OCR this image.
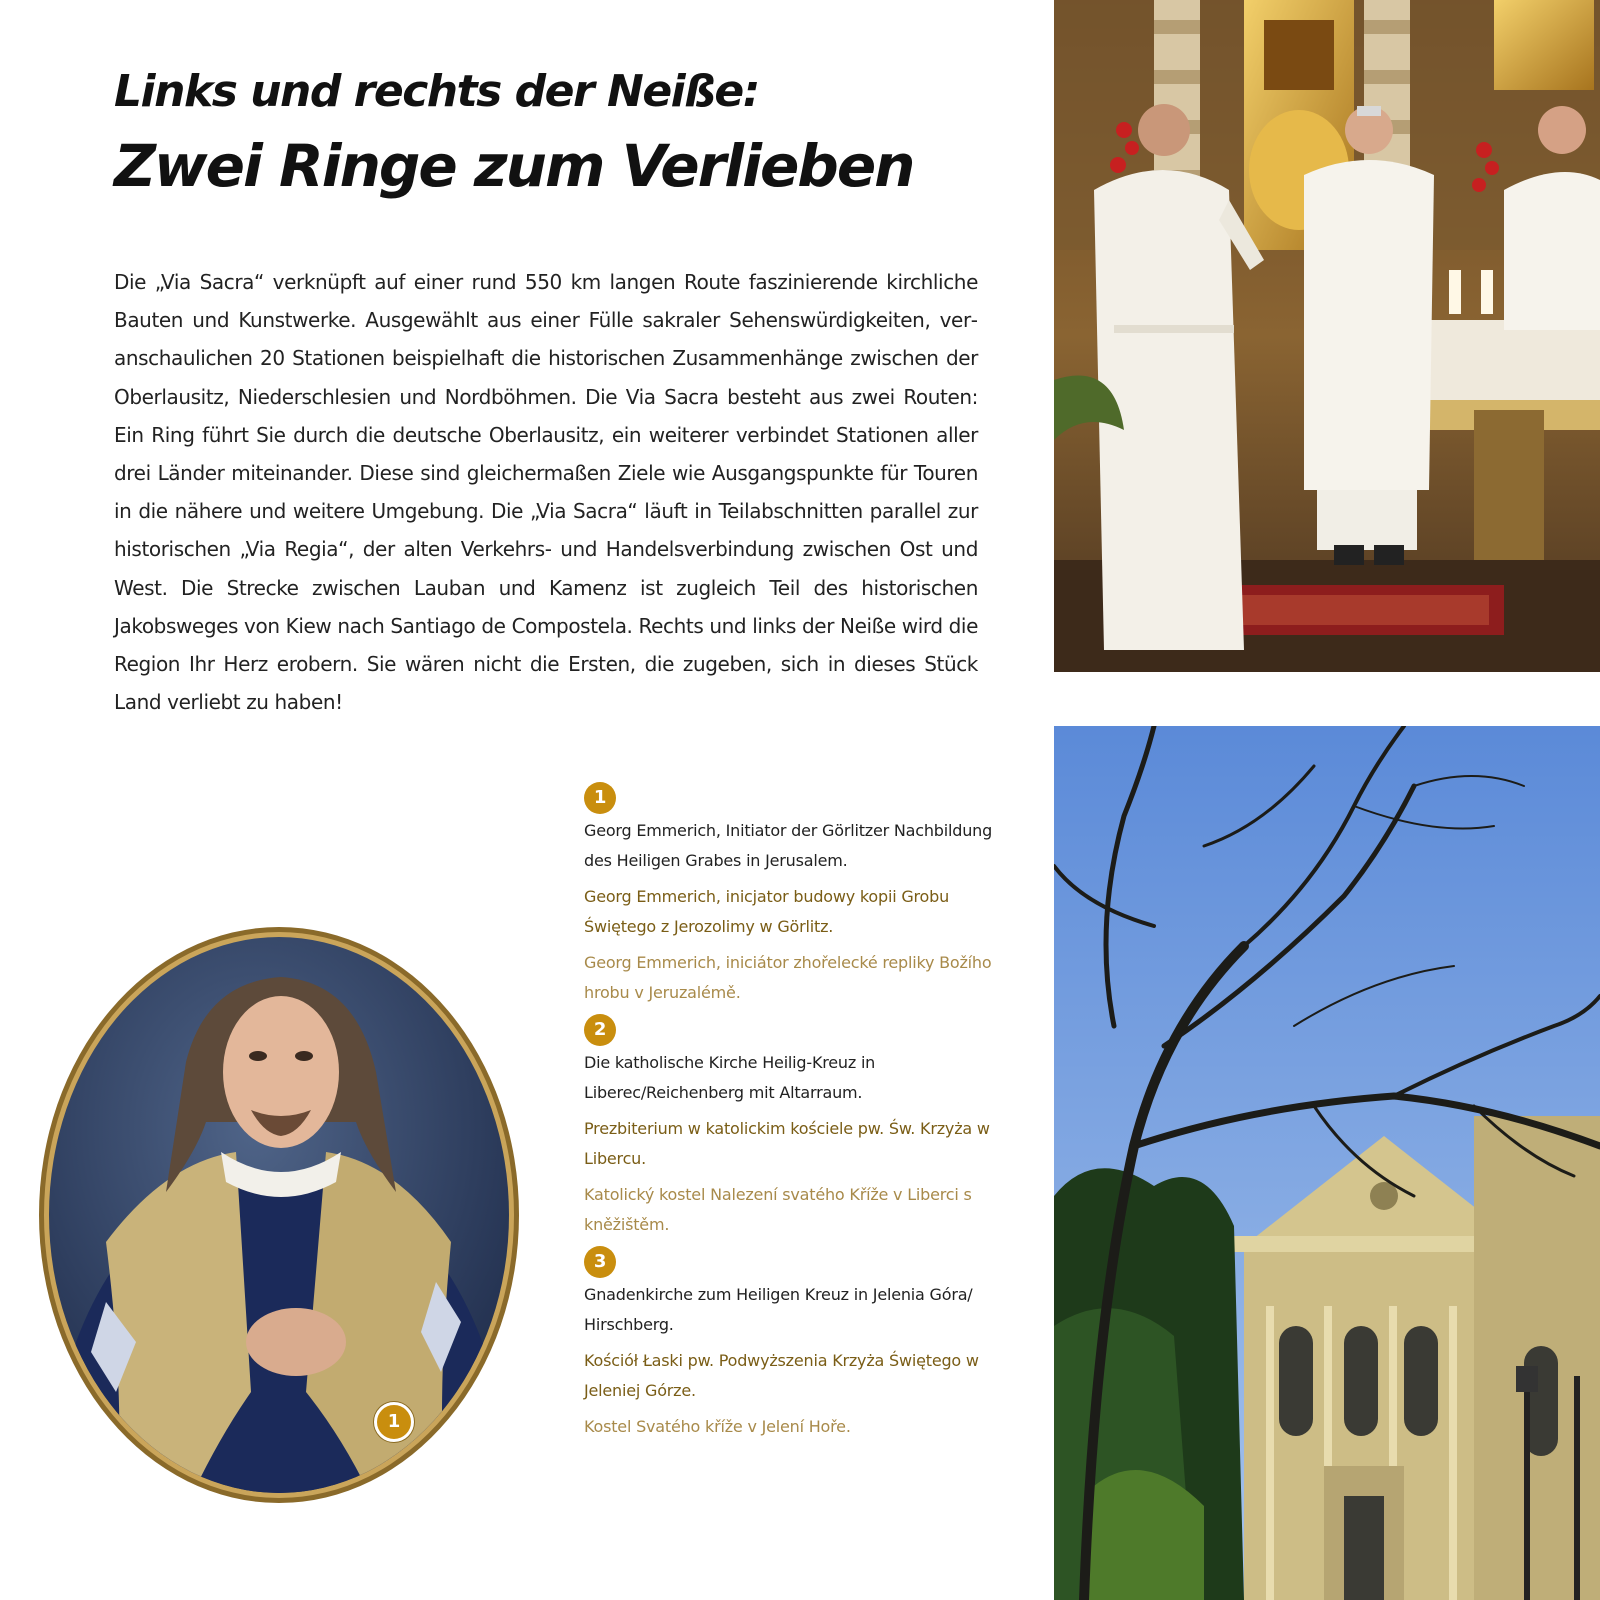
Links und rechts der Neiße:
Zwei Ringe zum Verlieben

Die „Via Sacra“ verknüpft auf einer rund 550 km langen Route faszinierende kirchliche Bauten und Kunstwerke. Ausgewählt aus einer Fülle sakraler Sehenswürdigkeiten, veranschaulichen 20 Stationen beispielhaft die historischen Zusammenhänge zwischen der Oberlausitz, Niederschlesien und Nordböhmen. Die Via Sacra besteht aus zwei Routen: Ein Ring führt Sie durch die deutsche Oberlausitz, ein weiterer verbindet Stationen aller drei Länder miteinander. Diese sind gleichermaßen Ziele wie Ausgangspunkte für Touren in die nähere und weitere Umgebung. Die „Via Sacra“ läuft in Teilabschnitten parallel zur historischen „Via Regia“, der alten Verkehrs- und Handelsverbindung zwischen Ost und West. Die Strecke zwischen Lauban und Kamenz ist zugleich Teil des historischen Jakobsweges von Kiew nach Santiago de Compostela. Rechts und links der Neiße wird die Region Ihr Herz erobern. Sie wären nicht die Ersten, die zugeben, sich in dieses Stück Land verliebt zu haben!

1
1
Georg Emmerich, Initiator der Görlitzer Nachbildung des Heiligen Grabes in Jerusalem.
Georg Emmerich, inicjator budowy kopii Grobu Świętego z Jerozolimy w Görlitz.
Georg Emmerich, iniciátor zhořelecké repliky Božího hrobu v Jeruzalémě.
2
Die katholische Kirche Heilig-Kreuz in Liberec/Reichenberg mit Altarraum.
Prezbiterium w katolickim kościele pw. Św. Krzyża w Libercu.
Katolický kostel Nalezení svatého Kříže v Liberci s kněžištěm.
3
Gnadenkirche zum Heiligen Kreuz in Jelenia Góra/ Hirschberg.
Kościół Łaski pw. Podwyższenia Krzyża Świętego w Jeleniej Górze.
Kostel Svatého kříže v Jelení Hoře.
